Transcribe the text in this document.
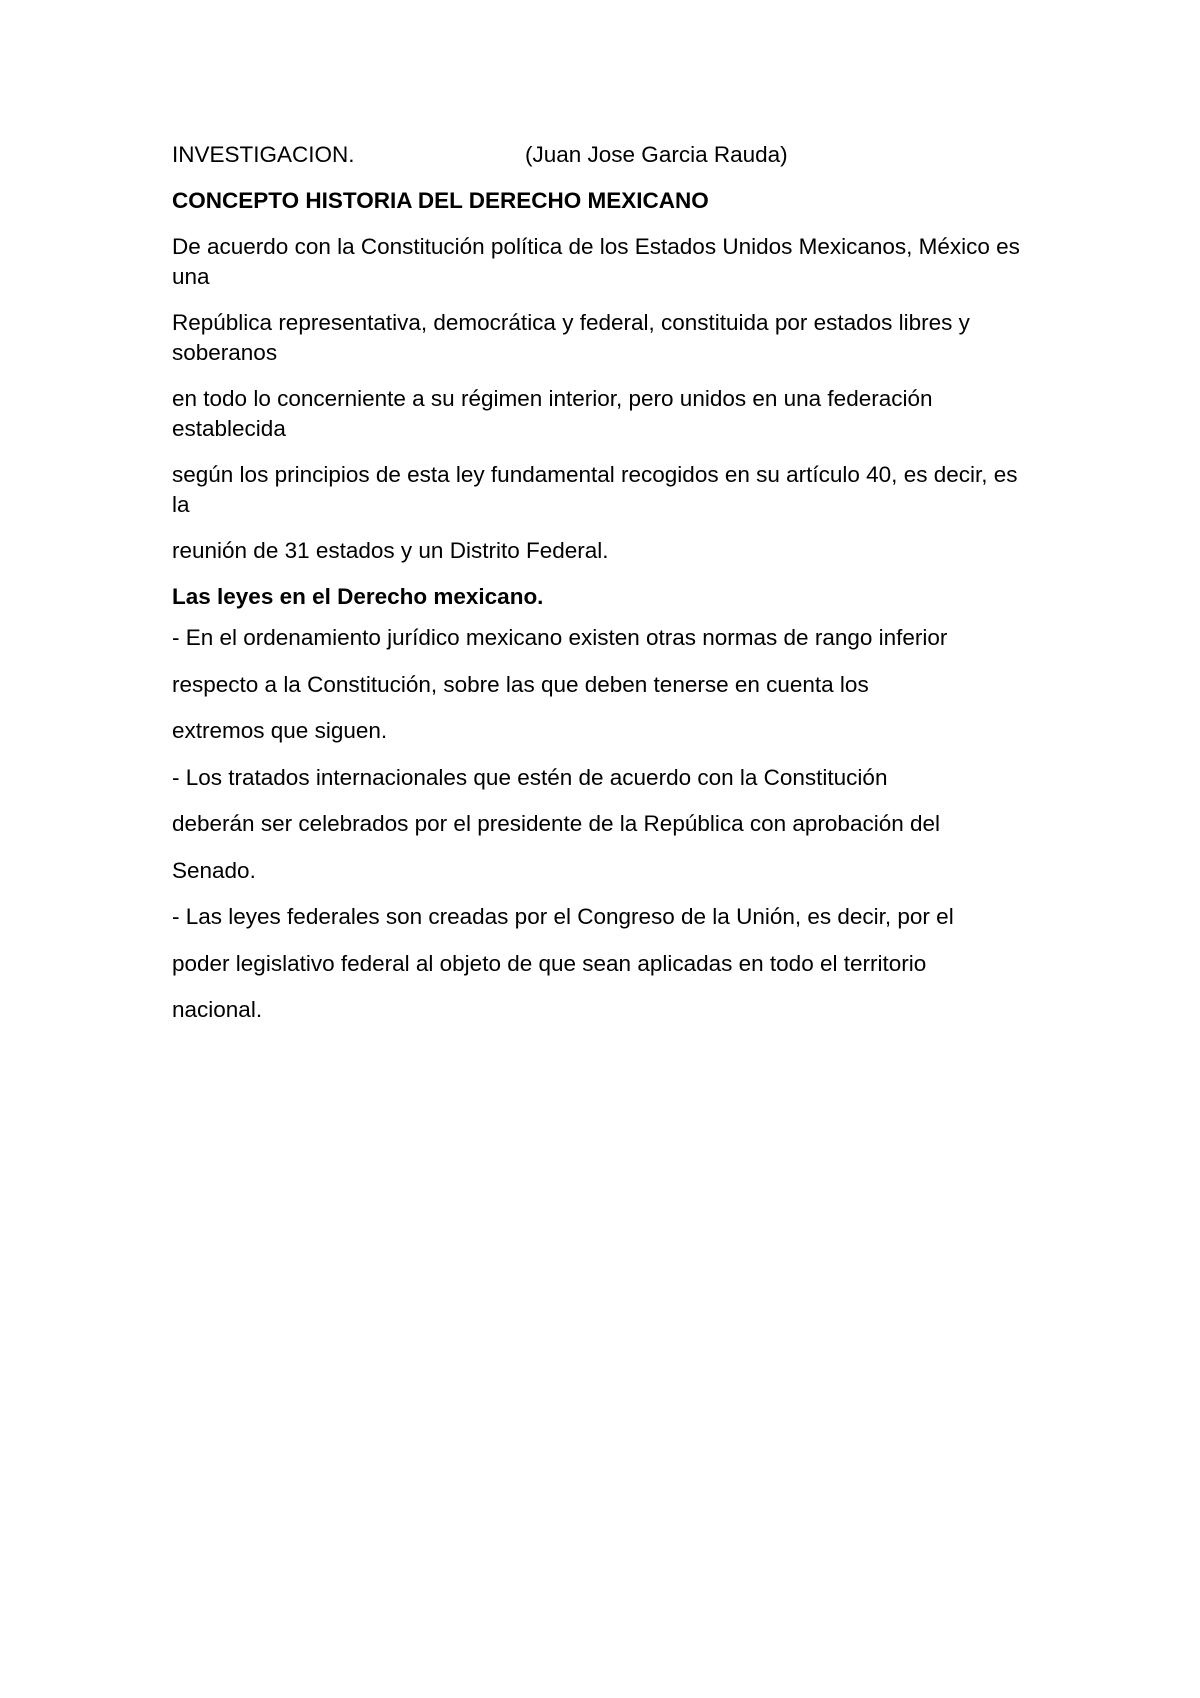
INVESTIGACION.	(Juan Jose Garcia Rauda)
CONCEPTO HISTORIA DEL DERECHO MEXICANO

De acuerdo con la Constitución política de los Estados Unidos Mexicanos, México es una

República representativa, democrática y federal, constituida por estados libres y soberanos

en todo lo concerniente a su régimen interior, pero unidos en una federación establecida

según los principios de esta ley fundamental recogidos en su artículo 40, es decir, es la

reunión de 31 estados y un Distrito Federal.

Las leyes en el Derecho mexicano.
- En el ordenamiento jurídico mexicano existen otras normas de rango inferior
respecto a la Constitución, sobre las que deben tenerse en cuenta los
extremos que siguen.
- Los tratados internacionales que estén de acuerdo con la Constitución
deberán ser celebrados por el presidente de la República con aprobación del
Senado.
- Las leyes federales son creadas por el Congreso de la Unión, es decir, por el
poder legislativo federal al objeto de que sean aplicadas en todo el territorio
nacional.
